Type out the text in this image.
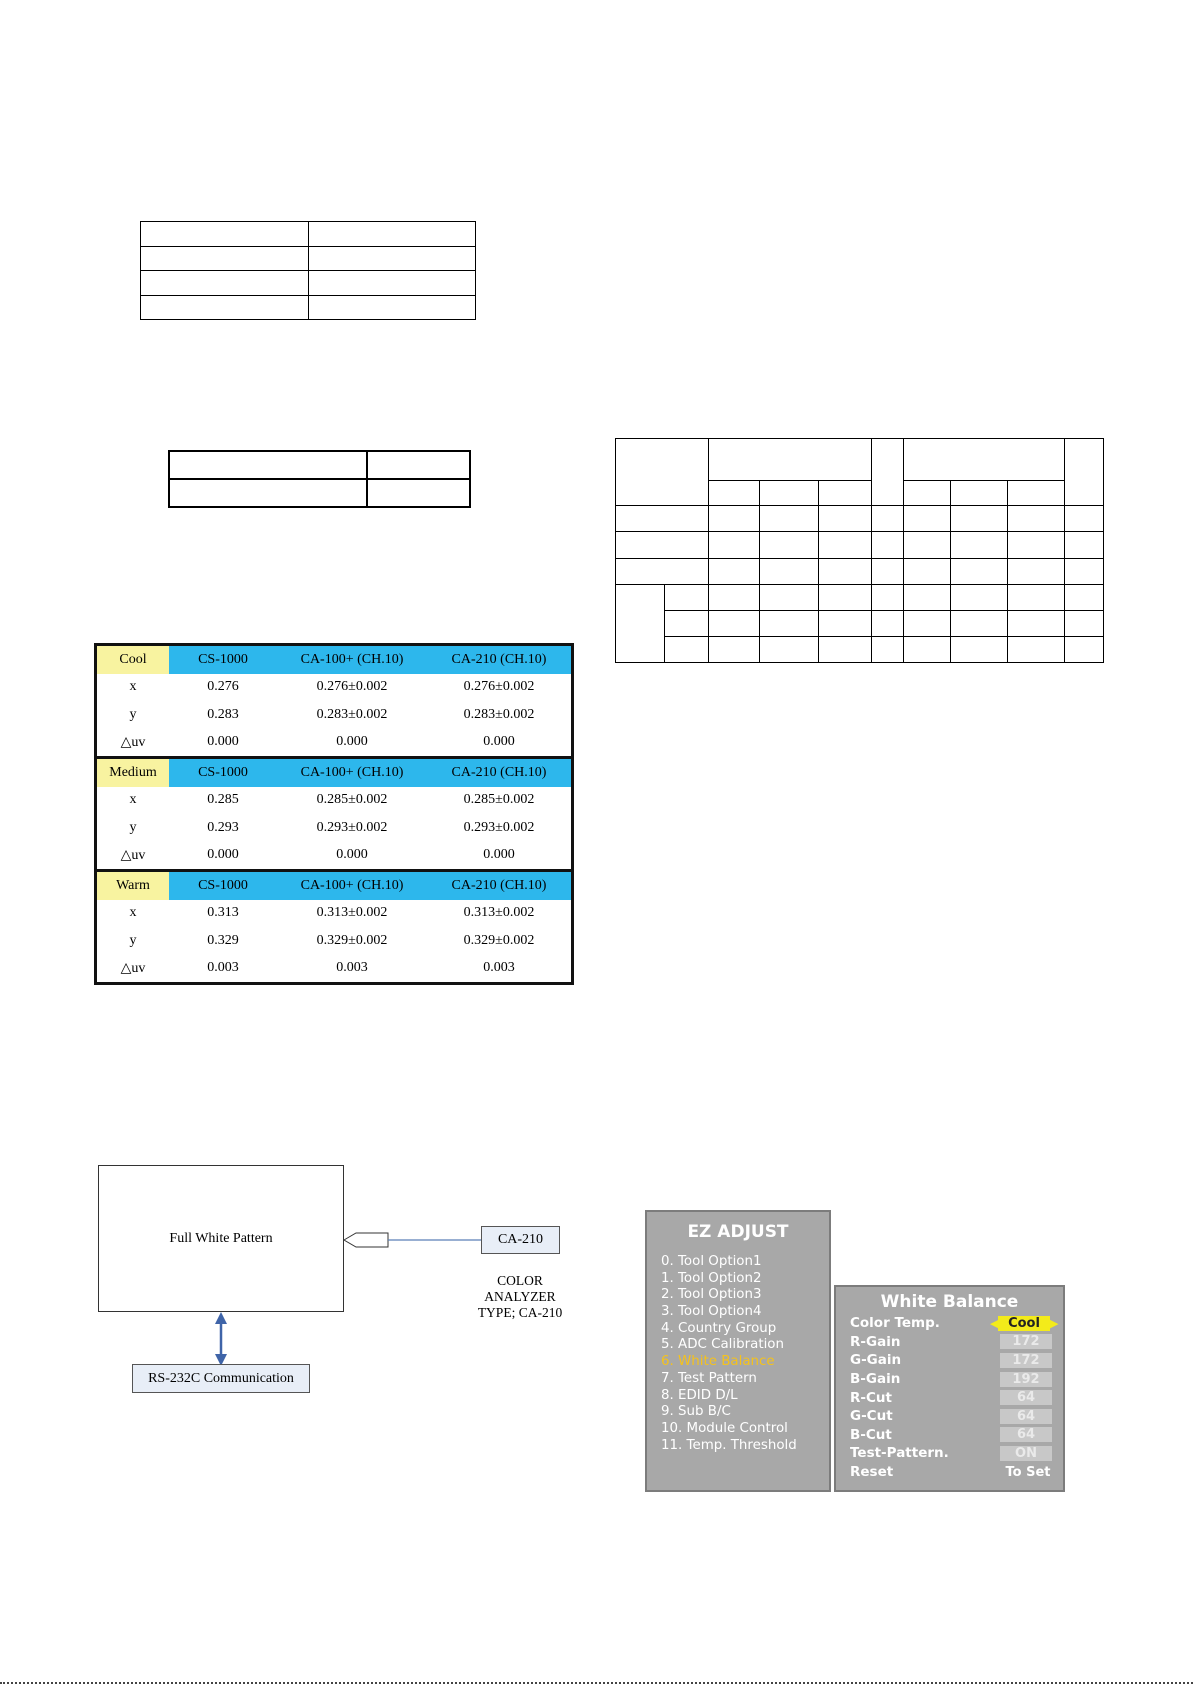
Cool	CS-1000	CA-100+ (CH.10)	CA-210 (CH.10)
x	0.276	0.276±0.002	0.276±0.002
y	0.283	0.283±0.002	0.283±0.002
△uv	0.000	0.000	0.000
Medium	CS-1000	CA-100+ (CH.10)	CA-210 (CH.10)
x	0.285	0.285±0.002	0.285±0.002
y	0.293	0.293±0.002	0.293±0.002
△uv	0.000	0.000	0.000
Warm	CS-1000	CA-100+ (CH.10)	CA-210 (CH.10)
x	0.313	0.313±0.002	0.313±0.002
y	0.329	0.329±0.002	0.329±0.002
△uv	0.003	0.003	0.003
Full White Pattern	CA-210
COLOR
ANALYZER
TYPE; CA-210
RS-232C Communication
EZ ADJUST
0. Tool Option1
1. Tool Option2
2. Tool Option3
3. Tool Option4
4. Country Group
5. ADC Calibration
6. White Balance
7. Test Pattern
8. EDID D/L
9. Sub B/C
10. Module Control
11. Temp. Threshold
White Balance
Color Temp.	◀ Cool ▶
R-Gain	172
G-Gain	172
B-Gain	192
R-Cut	64
G-Cut	64
B-Cut	64
Test-Pattern.	ON
Reset	To Set
